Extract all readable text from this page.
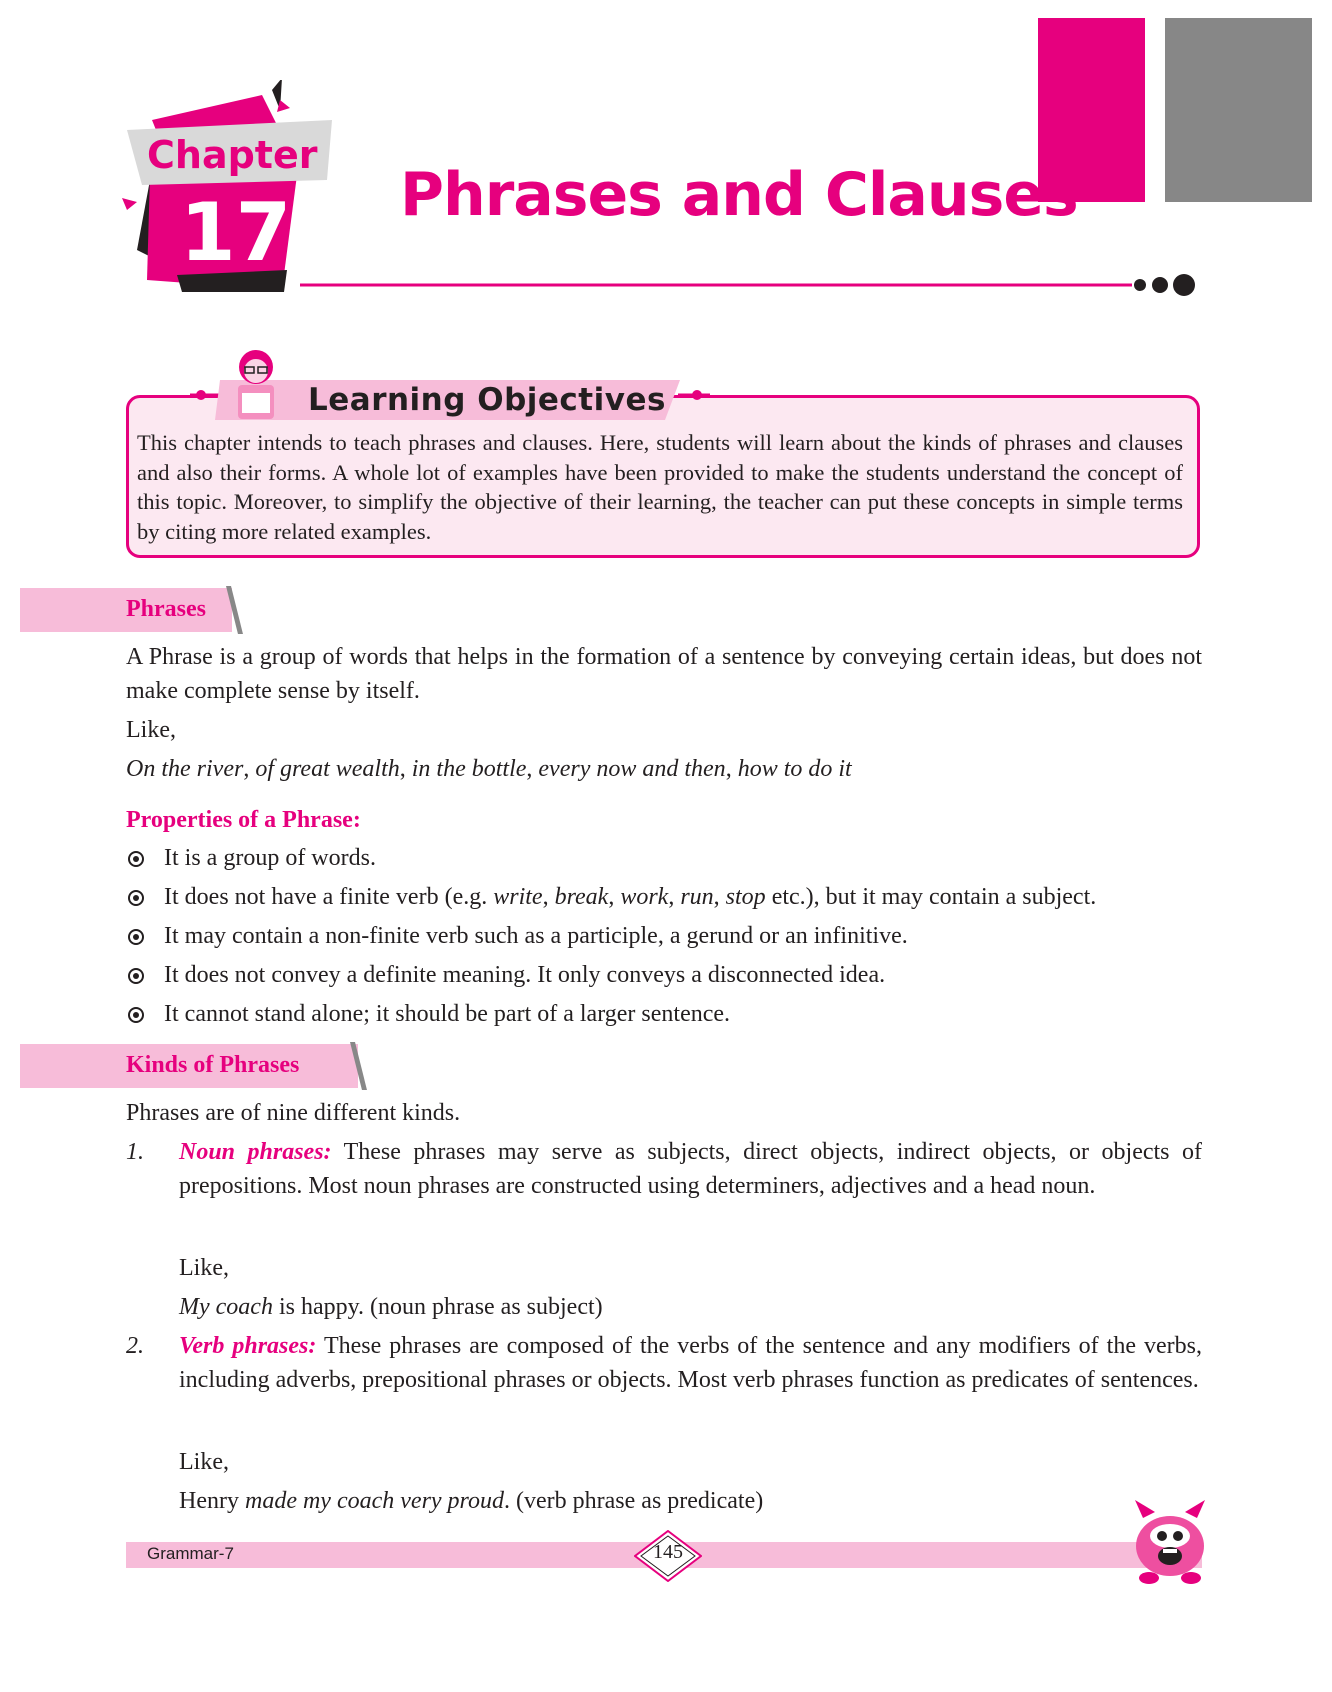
Chapter
17 Phrases and Clauses
Learning Objectives
This chapter intends to teach phrases and clauses. Here, students will learn about the kinds of phrases and clauses and also their forms. A whole lot of examples have been provided to make the students understand the concept of this topic. Moreover, to simplify the objective of their learning, the teacher can put these concepts in simple terms by citing more related examples.
Phrases
A Phrase is a group of words that helps in the formation of a sentence by conveying certain ideas, but does not make complete sense by itself.
Like,
On the river, of great wealth, in the bottle, every now and then, how to do it
Properties of a Phrase:
It is a group of words.
It does not have a finite verb (e.g. write, break, work, run, stop etc.), but it may contain a subject.
It may contain a non-finite verb such as a participle, a gerund or an infinitive.
It does not convey a definite meaning. It only conveys a disconnected idea.
It cannot stand alone; it should be part of a larger sentence.
Kinds of Phrases
Phrases are of nine different kinds.
1. Noun phrases: These phrases may serve as subjects, direct objects, indirect objects, or objects of prepositions. Most noun phrases are constructed using determiners, adjectives and a head noun.
Like,
My coach is happy. (noun phrase as subject)
2. Verb phrases: These phrases are composed of the verbs of the sentence and any modifiers of the verbs, including adverbs, prepositional phrases or objects. Most verb phrases function as predicates of sentences.
Like,
Henry made my coach very proud. (verb phrase as predicate)
Grammar-7	145
